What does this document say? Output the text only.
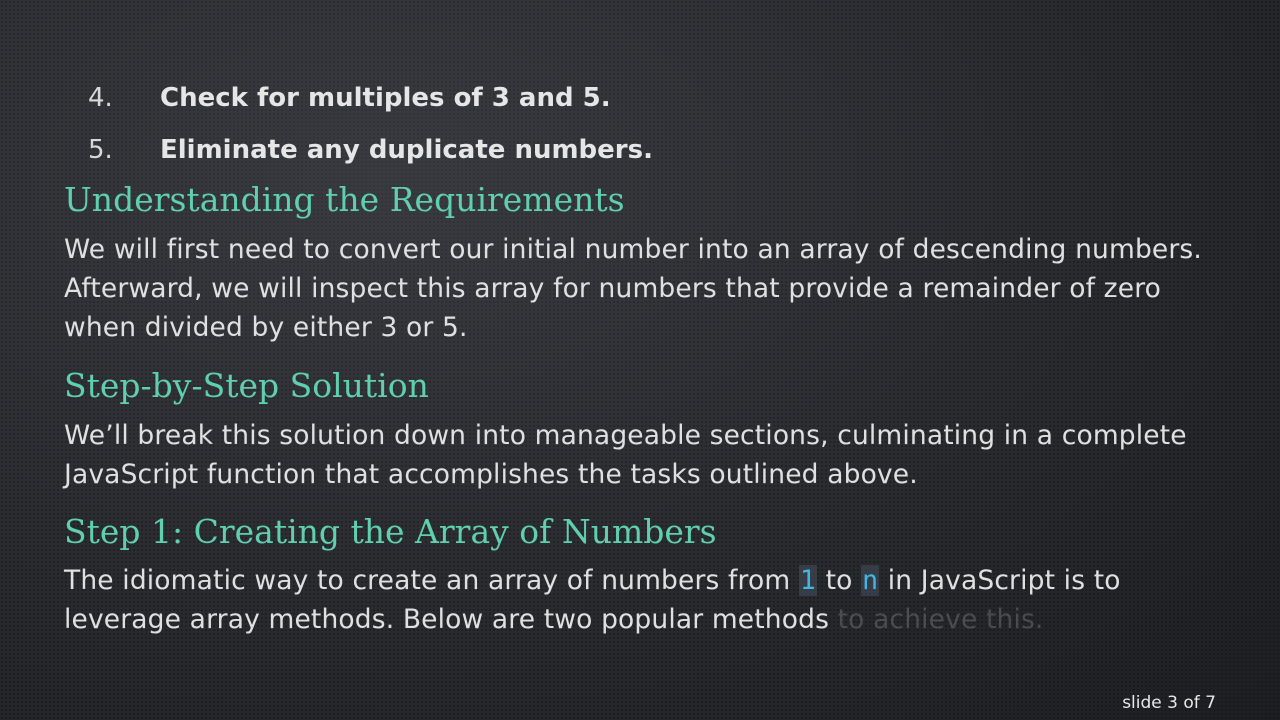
4.	Check for multiples of 3 and 5.
5.	Eliminate any duplicate numbers.
Understanding the Requirements

We will first need to convert our initial number into an array of descending numbers. Afterward, we will inspect this array for numbers that provide a remainder of zero when divided by either 3 or 5.

Step-by-Step Solution

We’ll break this solution down into manageable sections, culminating in a complete JavaScript function that accomplishes the tasks outlined above.

Step 1: Creating the Array of Numbers

The idiomatic way to create an array of numbers from 1 to n in JavaScript is to leverage array methods. Below are two popular methods to achieve this.

slide 3 of 7
